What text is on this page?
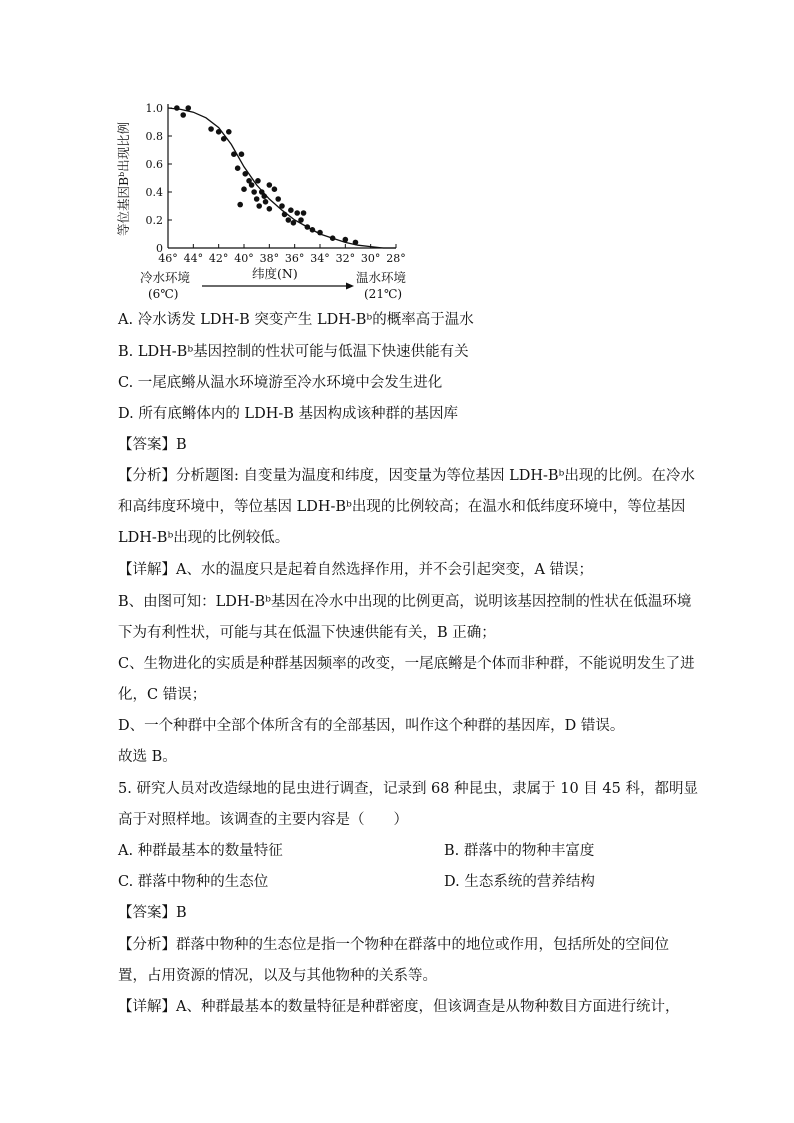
0
0.2
0.4
0.6
0.8
1.0
46° 44° 42° 40° 38° 36° 34° 32° 30° 28°
等位基因Bᵇ出现比例
纬度(N)
冷水环境
(6℃)
温水环境
(21℃)
A. 冷水诱发 LDH-B 突变产生 LDH-Bᵇ的概率高于温水
B. LDH-Bᵇ基因控制的性状可能与低温下快速供能有关
C. 一尾底鳉从温水环境游至冷水环境中会发生进化
D. 所有底鳉体内的 LDH-B 基因构成该种群的基因库
【答案】B
【分析】分析题图: 自变量为温度和纬度，因变量为等位基因 LDH-Bᵇ出现的比例。在冷水
和高纬度环境中，等位基因 LDH-Bᵇ出现的比例较高；在温水和低纬度环境中，等位基因
LDH-Bᵇ出现的比例较低。
【详解】A、水的温度只是起着自然选择作用，并不会引起突变，A 错误；
B、由图可知：LDH-Bᵇ基因在冷水中出现的比例更高，说明该基因控制的性状在低温环境
下为有利性状，可能与其在低温下快速供能有关，B 正确；
C、生物进化的实质是种群基因频率的改变，一尾底鳉是个体而非种群，不能说明发生了进
化，C 错误；
D、一个种群中全部个体所含有的全部基因，叫作这个种群的基因库，D 错误。
故选 B。
5. 研究人员对改造绿地的昆虫进行调查，记录到 68 种昆虫，隶属于 10 目 45 科，都明显
高于对照样地。该调查的主要内容是（　　）
A. 种群最基本的数量特征	B. 群落中的物种丰富度
C. 群落中物种的生态位	D. 生态系统的营养结构
【答案】B
【分析】群落中物种的生态位是指一个物种在群落中的地位或作用，包括所处的空间位
置，占用资源的情况，以及与其他物种的关系等。
【详解】A、种群最基本的数量特征是种群密度，但该调查是从物种数目方面进行统计，
